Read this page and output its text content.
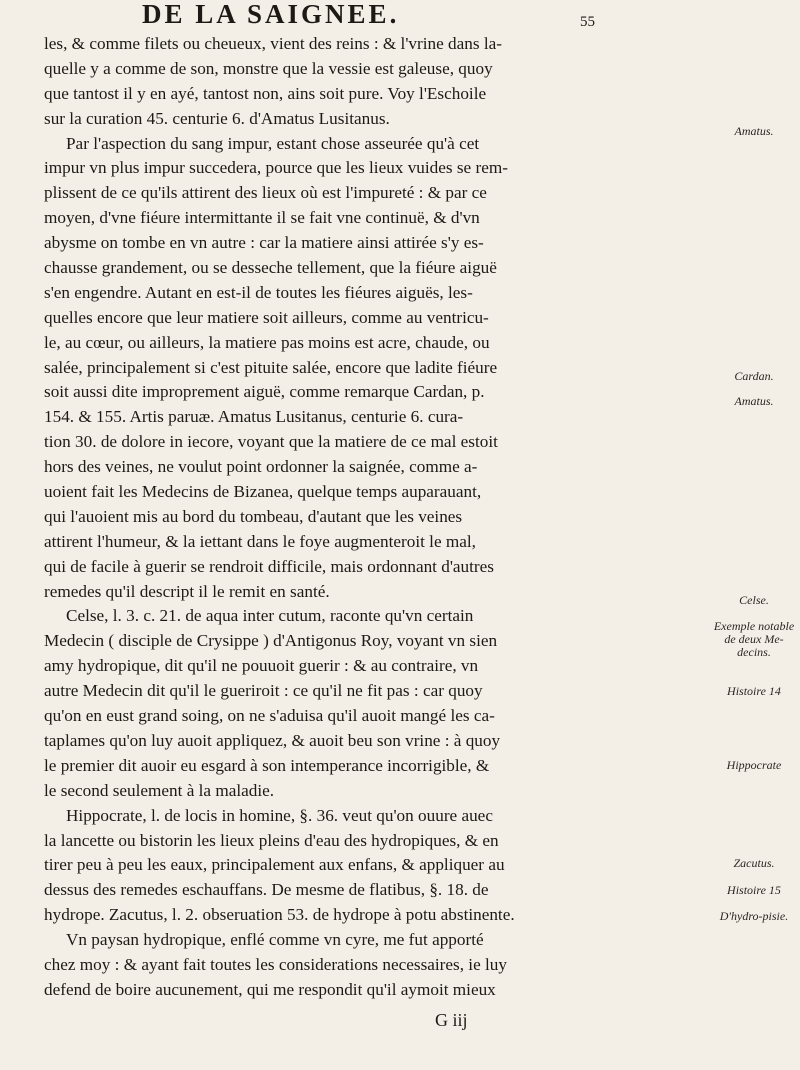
DE LA SAIGNEE.	55
les, & comme filets ou cheueux, vient des reins : & l'vrine dans la-
quelle y a comme de son, monstre que la vessie est galeuse, quoy
que tantost il y en ayé, tantost non, ains soit pure. Voy l'Eschoile
sur la curation 45. centurie 6. d'Amatus Lusitanus.
Par l'aspection du sang impur, estant chose asseurée qu'à cet
impur vn plus impur succedera, pource que les lieux vuides se rem-
plissent de ce qu'ils attirent des lieux où est l'impureté : & par ce
moyen, d'vne fiéure intermittante il se fait vne continuë, & d'vn
abysme on tombe en vn autre : car la matiere ainsi attirée s'y es-
chausse grandement, ou se desseche tellement, que la fiéure aiguë
s'en engendre. Autant en est-il de toutes les fiéures aiguës, les-
quelles encore que leur matiere soit ailleurs, comme au ventricu-
le, au cœur, ou ailleurs, la matiere pas moins est acre, chaude, ou
salée, principalement si c'est pituite salée, encore que ladite fiéure
soit aussi dite improprement aiguë, comme remarque Cardan, p.
154. & 155. Artis paruæ. Amatus Lusitanus, centurie 6. cura-
tion 30. de dolore in iecore, voyant que la matiere de ce mal estoit
hors des veines, ne voulut point ordonner la saignée, comme a-
uoient fait les Medecins de Bizanea, quelque temps auparauant,
qui l'auoient mis au bord du tombeau, d'autant que les veines
attirent l'humeur, & la iettant dans le foye augmenteroit le mal,
qui de facile à guerir se rendroit difficile, mais ordonnant d'autres
remedes qu'il descript il le remit en santé.
Celse, l. 3. c. 21. de aqua inter cutum, raconte qu'vn certain
Medecin ( disciple de Crysippe ) d'Antigonus Roy, voyant vn sien
amy hydropique, dit qu'il ne pouuoit guerir : & au contraire, vn
autre Medecin dit qu'il le gueriroit : ce qu'il ne fit pas : car quoy
qu'on en eust grand soing, on ne s'aduisa qu'il auoit mangé les ca-
taplames qu'on luy auoit appliquez, & auoit beu son vrine : à quoy
le premier dit auoir eu esgard à son intemperance incorrigible, &
le second seulement à la maladie.
Hippocrate, l. de locis in homine, §. 36. veut qu'on ouure auec
la lancette ou bistorin les lieux pleins d'eau des hydropiques, & en
tirer peu à peu les eaux, principalement aux enfans, & appliquer au
dessus des remedes eschauffans. De mesme de flatibus, §. 18. de
hydrope. Zacutus, l. 2. obseruation 53. de hydrope à potu abstinente.
Vn paysan hydropique, enflé comme vn cyre, me fut apporté
chez moy : & ayant fait toutes les considerations necessaires, ie luy
defend de boire aucunement, qui me respondit qu'il aymoit mieux
Amatus.
Cardan.
Amatus.
Celse.
Exemple notable de deux Me-decins.
Histoire 14
Hippocrate
Zacutus.
Histoire 15
D'hydro-pisie.
G iij
